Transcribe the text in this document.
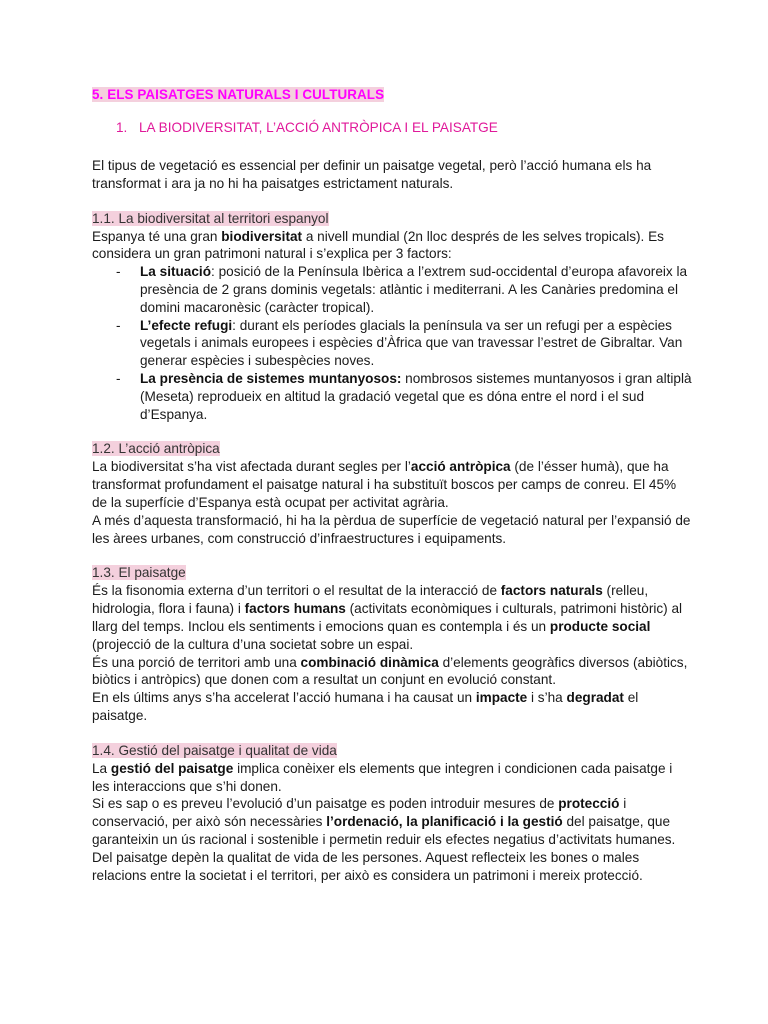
5. ELS PAISATGES NATURALS I CULTURALS
1. LA BIODIVERSITAT, L’ACCIÓ ANTRÒPICA I EL PAISATGE

El tipus de vegetació es essencial per definir un paisatge vegetal, però l’acció humana els ha transformat i ara ja no hi ha paisatges estrictament naturals.

1.1. La biodiversitat al territori espanyol

Espanya té una gran biodiversitat a nivell mundial (2n lloc després de les selves tropicals). Es considera un gran patrimoni natural i s’explica per 3 factors:

- La situació: posició de la Península Ibèrica a l’extrem sud-occidental d’europa afavoreix la presència de 2 grans dominis vegetals: atlàntic i mediterrani. A les Canàries predomina el domini macaronèsic (caràcter tropical).
- L’efecte refugi: durant els períodes glacials la península va ser un refugi per a espècies vegetals i animals europees i espècies d’Àfrica que van travessar l’estret de Gibraltar. Van generar espècies i subespècies noves.
- La presència de sistemes muntanyosos: nombrosos sistemes muntanyosos i gran altiplà (Meseta) reprodueix en altitud la gradació vegetal que es dóna entre el nord i el sud d’Espanya.
1.2. L’acció antròpica

La biodiversitat s’ha vist afectada durant segles per l’acció antròpica (de l’ésser humà), que ha transformat profundament el paisatge natural i ha substituït boscos per camps de conreu. El 45% de la superfície d’Espanya està ocupat per activitat agrària.

A més d’aquesta transformació, hi ha la pèrdua de superfície de vegetació natural per l’expansió de les àrees urbanes, com construcció d’infraestructures i equipaments.

1.3. El paisatge

És la fisonomia externa d’un territori o el resultat de la interacció de factors naturals (relleu, hidrologia, flora i fauna) i factors humans (activitats econòmiques i culturals, patrimoni històric) al llarg del temps. Inclou els sentiments i emocions quan es contempla i és un producte social (projecció de la cultura d’una societat sobre un espai.

És una porció de territori amb una combinació dinàmica d’elements geogràfics diversos (abiòtics, biòtics i antròpics) que donen com a resultat un conjunt en evolució constant.

En els últims anys s’ha accelerat l’acció humana i ha causat un impacte i s’ha degradat el paisatge.

1.4. Gestió del paisatge i qualitat de vida

La gestió del paisatge implica conèixer els elements que integren i condicionen cada paisatge i les interaccions que s’hi donen.

Si es sap o es preveu l’evolució d’un paisatge es poden introduir mesures de protecció i conservació, per això són necessàries l’ordenació, la planificació i la gestió del paisatge, que garanteixin un ús racional i sostenible i permetin reduir els efectes negatius d’activitats humanes.

Del paisatge depèn la qualitat de vida de les persones. Aquest reflecteix les bones o males relacions entre la societat i el territori, per això es considera un patrimoni i mereix protecció.
